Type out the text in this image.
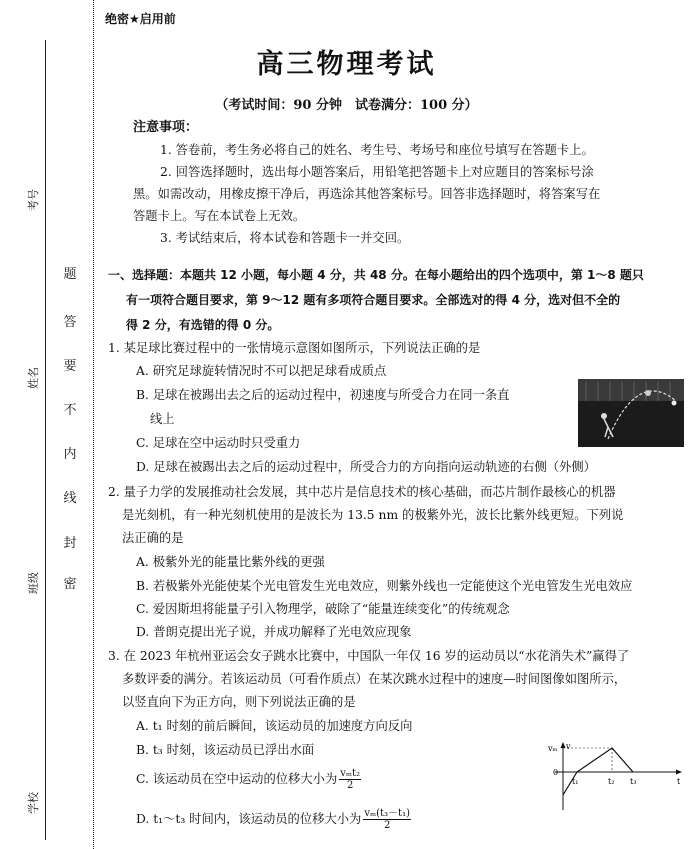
考号
姓名
班级
学校
题
答
要
不
内
线
封
密
绝密★启用前
高三物理考试
（考试时间：90 分钟　试卷满分：100 分）
注意事项：
1. 答卷前，考生务必将自己的姓名、考生号、考场号和座位号填写在答题卡上。
2. 回答选择题时，选出每小题答案后，用铅笔把答题卡上对应题目的答案标号涂
黑。如需改动，用橡皮擦干净后，再选涂其他答案标号。回答非选择题时，将答案写在
答题卡上。写在本试卷上无效。
3. 考试结束后，将本试卷和答题卡一并交回。
一、选择题：本题共 12 小题，每小题 4 分，共 48 分。在每小题给出的四个选项中，第 1～8 题只
有一项符合题目要求，第 9～12 题有多项符合题目要求。全部选对的得 4 分，选对但不全的
得 2 分，有选错的得 0 分。
1. 某足球比赛过程中的一张情境示意图如图所示，下列说法正确的是
A. 研究足球旋转情况时不可以把足球看成质点
B. 足球在被踢出去之后的运动过程中，初速度与所受合力在同一条直
线上
C. 足球在空中运动时只受重力
D. 足球在被踢出去之后的运动过程中，所受合力的方向指向运动轨迹的右侧（外侧）
2. 量子力学的发展推动社会发展，其中芯片是信息技术的核心基础，而芯片制作最核心的机器
是光刻机，有一种光刻机使用的是波长为 13.5 nm 的极紫外光，波长比紫外线更短。下列说
法正确的是
A. 极紫外光的能量比紫外线的更强
B. 若极紫外光能使某个光电管发生光电效应，则紫外线也一定能使这个光电管发生光电效应
C. 爱因斯坦将能量子引入物理学，破除了“能量连续变化”的传统观念
D. 普朗克提出光子说，并成功解释了光电效应现象
3. 在 2023 年杭州亚运会女子跳水比赛中，中国队一年仅 16 岁的运动员以“水花消失术”赢得了
多数评委的满分。若该运动员（可看作质点）在某次跳水过程中的速度—时间图像如图所示，
以竖直向下为正方向，则下列说法正确的是
A. t₁ 时刻的前后瞬间，该运动员的加速度方向反向
B. t₃ 时刻，该运动员已浮出水面
C. 该运动员在空中运动的位移大小为 $\frac{\text{vₘt₂}}{2}$
D. t₁～t₃ 时间内，该运动员的位移大小为 $\frac{\text{vₘ(t₃－t₁)}}{2}$
vₘ v
0
t₁	t₂ t₃	t
